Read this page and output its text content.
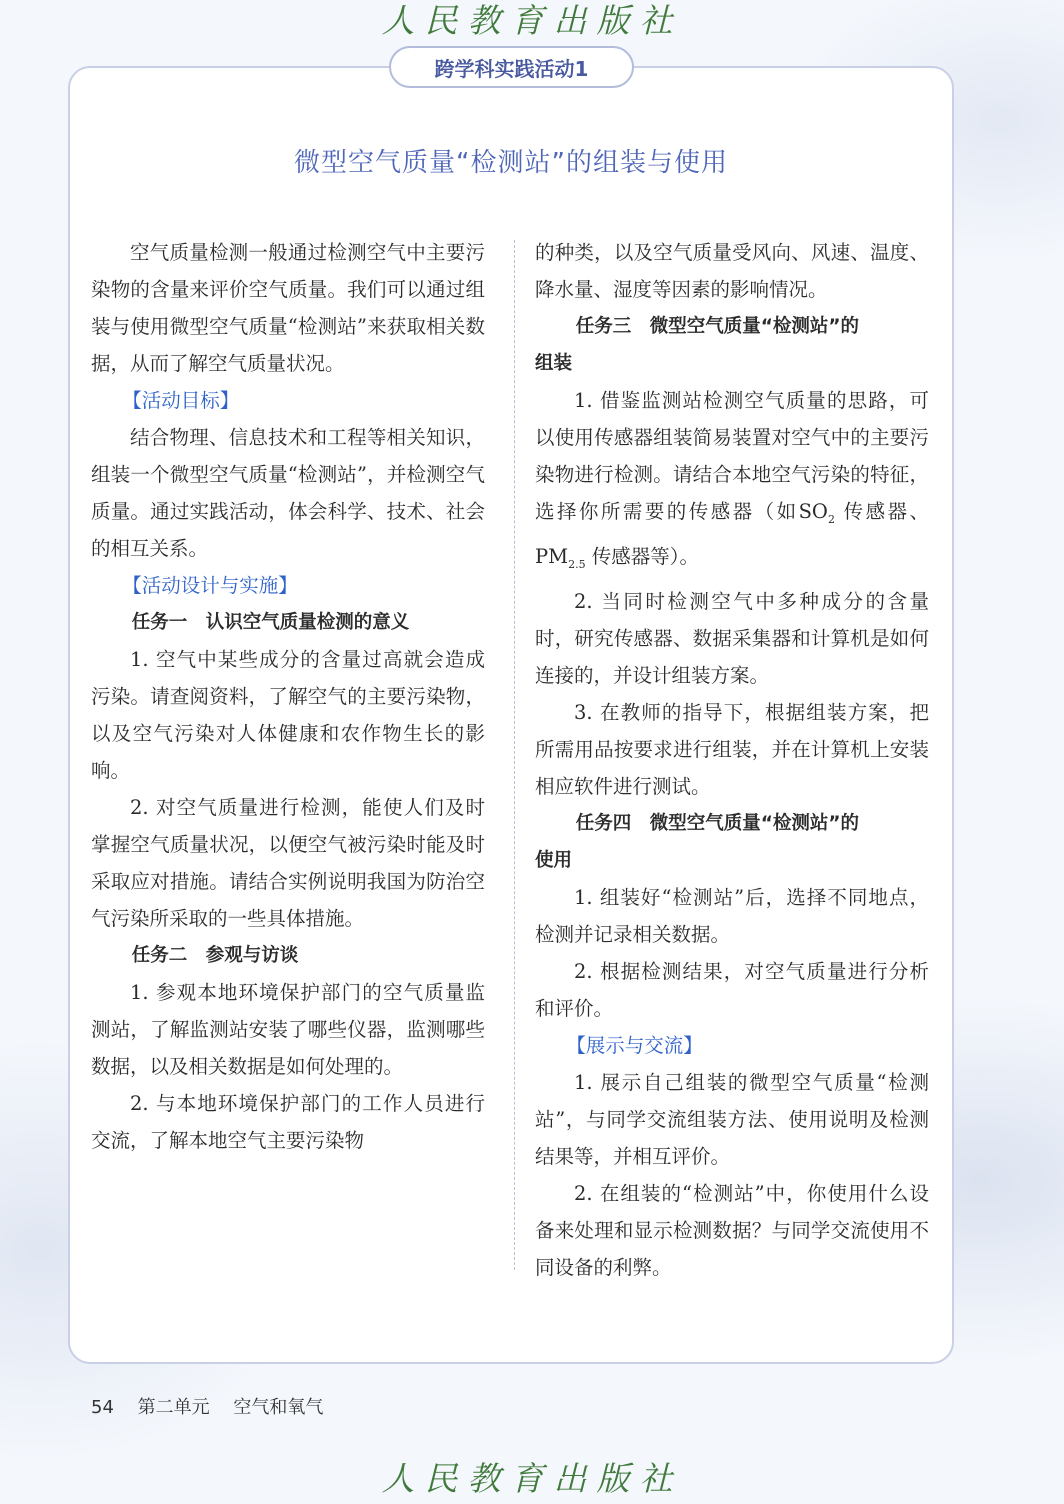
人民教育出版社
跨学科实践活动1
微型空气质量“检测站”的组装与使用

空气质量检测一般通过检测空气中主要污染物的含量来评价空气质量。我们可以通过组装与使用微型空气质量“检测站”来获取相关数据，从而了解空气质量状况。

【活动目标】

结合物理、信息技术和工程等相关知识，组装一个微型空气质量“检测站”，并检测空气质量。通过实践活动，体会科学、技术、社会的相互关系。

【活动设计与实施】

任务一　认识空气质量检测的意义

1. 空气中某些成分的含量过高就会造成污染。请查阅资料，了解空气的主要污染物，以及空气污染对人体健康和农作物生长的影响。

2. 对空气质量进行检测，能使人们及时掌握空气质量状况，以便空气被污染时能及时采取应对措施。请结合实例说明我国为防治空气污染所采取的一些具体措施。

任务二　参观与访谈

1. 参观本地环境保护部门的空气质量监测站，了解监测站安装了哪些仪器，监测哪些数据，以及相关数据是如何处理的。

2. 与本地环境保护部门的工作人员进行交流，了解本地空气主要污染物

的种类，以及空气质量受风向、风速、温度、降水量、湿度等因素的影响情况。

任务三　微型空气质量“检测站”的

组装

1. 借鉴监测站检测空气质量的思路，可以使用传感器组装简易装置对空气中的主要污染物进行检测。请结合本地空气污染的特征，选择你所需要的传感器（如$SO_2$ 传感器、$PM_{2.5}$ 传感器等）。

2. 当同时检测空气中多种成分的含量时，研究传感器、数据采集器和计算机是如何连接的，并设计组装方案。

3. 在教师的指导下，根据组装方案，把所需用品按要求进行组装，并在计算机上安装相应软件进行测试。

任务四　微型空气质量“检测站”的

使用

1. 组装好“检测站”后，选择不同地点，检测并记录相关数据。

2. 根据检测结果，对空气质量进行分析和评价。

【展示与交流】

1. 展示自己组装的微型空气质量“检测站”，与同学交流组装方法、使用说明及检测结果等，并相互评价。

2. 在组装的“检测站”中，你使用什么设备来处理和显示检测数据？与同学交流使用不同设备的利弊。

54 第二单元 空气和氧气
人民教育出版社
